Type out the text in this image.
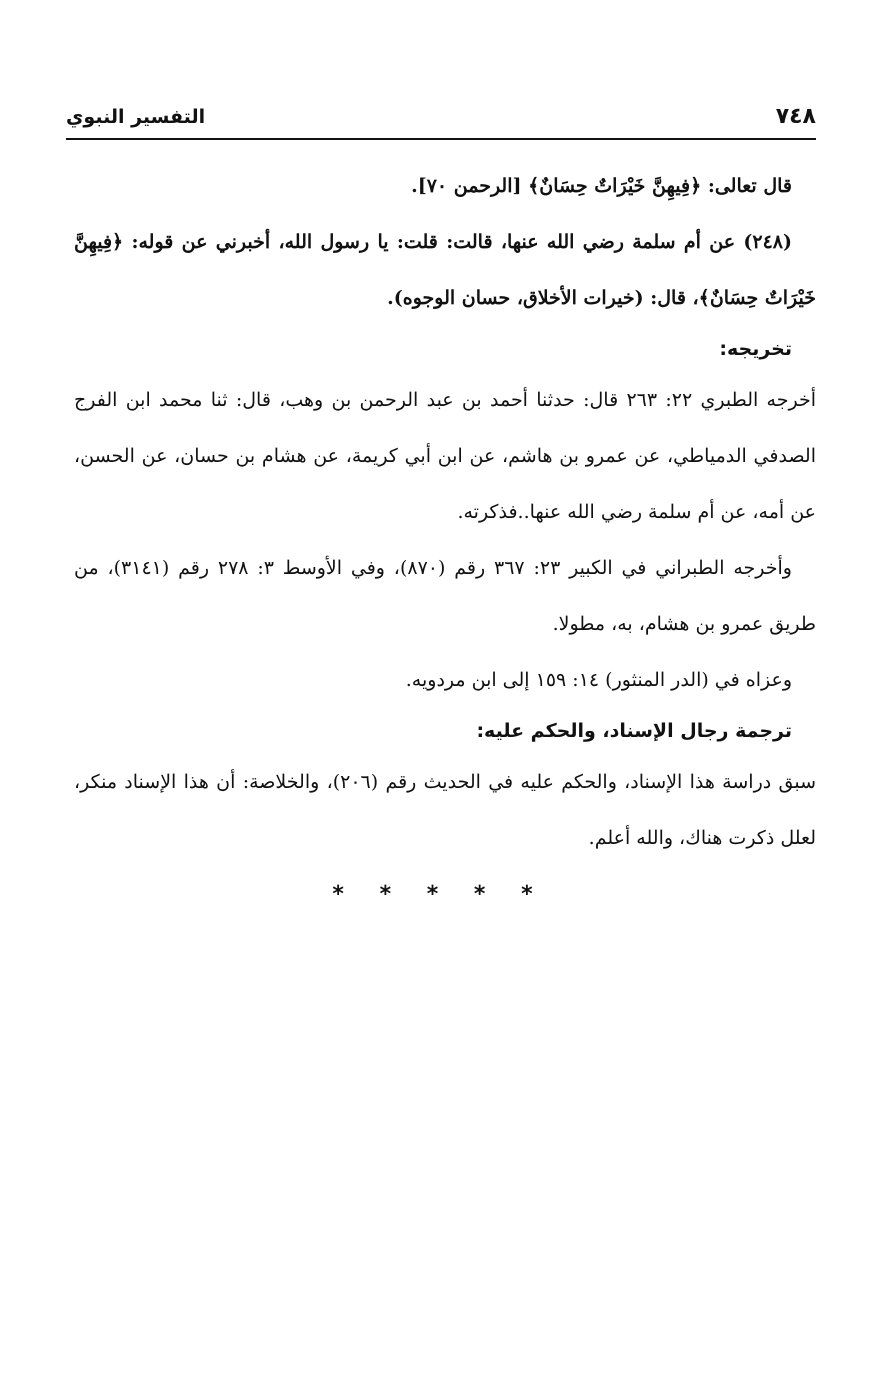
٧٤٨
التفسير النبوي

قال تعالى: ﴿فِيهِنَّ خَيْرَاتٌ حِسَانٌ﴾ [الرحمن ٧٠].

(٢٤٨) عن أم سلمة رضي الله عنها، قالت: قلت: يا رسول الله، أخبرني عن قوله: ﴿فِيهِنَّ خَيْرَاتٌ حِسَانٌ﴾، قال: (خيرات الأخلاق، حسان الوجوه).

تخريجه:

أخرجه الطبري ٢٢: ٢٦٣ قال: حدثنا أحمد بن عبد الرحمن بن وهب، قال: ثنا محمد ابن الفرج الصدفي الدمياطي، عن عمرو بن هاشم، عن ابن أبي كريمة، عن هشام بن حسان، عن الحسن، عن أمه، عن أم سلمة رضي الله عنها..فذكرته.

وأخرجه الطبراني في الكبير ٢٣: ٣٦٧ رقم (٨٧٠)، وفي الأوسط ٣: ٢٧٨ رقم (٣١٤١)، من طريق عمرو بن هشام، به، مطولا.

وعزاه في (الدر المنثور) ١٤: ١٥٩ إلى ابن مردويه.

ترجمة رجال الإسناد، والحكم عليه:

سبق دراسة هذا الإسناد، والحكم عليه في الحديث رقم (٢٠٦)، والخلاصة: أن هذا الإسناد منكر، لعلل ذكرت هناك، والله أعلم.

* * * * *
